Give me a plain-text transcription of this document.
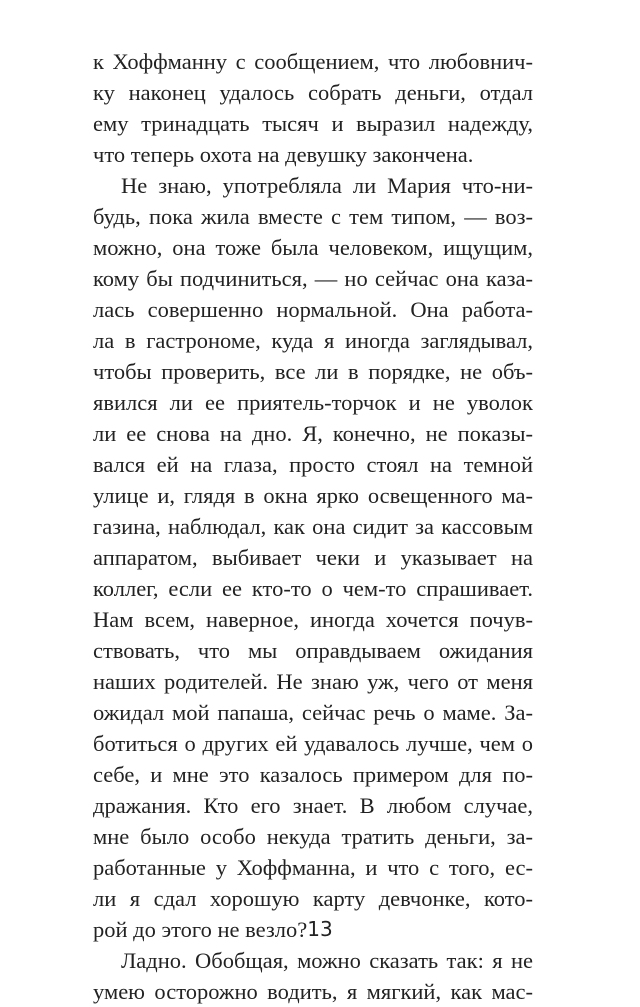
к Хоффманну с сообщением, что любовнич-
ку наконец удалось собрать деньги, отдал
ему тринадцать тысяч и выразил надежду,
что теперь охота на девушку закончена.
Не знаю, употребляла ли Мария что-ни-
будь, пока жила вместе с тем типом, — воз-
можно, она тоже была человеком, ищущим,
кому бы подчиниться, — но сейчас она каза-
лась совершенно нормальной. Она работа-
ла в гастрономе, куда я иногда заглядывал,
чтобы проверить, все ли в порядке, не объ-
явился ли ее приятель-торчок и не уволок
ли ее снова на дно. Я, конечно, не показы-
вался ей на глаза, просто стоял на темной
улице и, глядя в окна ярко освещенного ма-
газина, наблюдал, как она сидит за кассовым
аппаратом, выбивает чеки и указывает на
коллег, если ее кто-то о чем-то спрашивает.
Нам всем, наверное, иногда хочется почув-
ствовать, что мы оправдываем ожидания
наших родителей. Не знаю уж, чего от меня
ожидал мой папаша, сейчас речь о маме. За-
ботиться о других ей удавалось лучше, чем о
себе, и мне это казалось примером для по-
дражания. Кто его знает. В любом случае,
мне было особо некуда тратить деньги, за-
работанные у Хоффманна, и что с того, ес-
ли я сдал хорошую карту девчонке, кото-
рой до этого не везло?
Ладно. Обобщая, можно сказать так: я не
умею осторожно водить, я мягкий, как мас-
13
